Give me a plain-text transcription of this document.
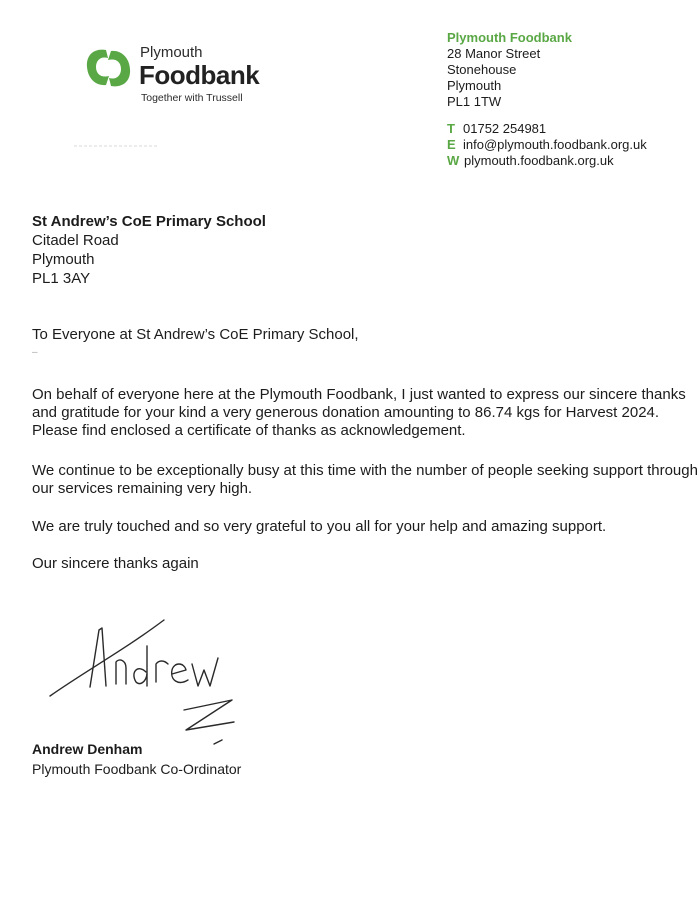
Plymouth
Foodbank
Together with Trussell
Plymouth Foodbank
28 Manor Street
Stonehouse
Plymouth
PL1 1TW
T 01752 254981
E info@plymouth.foodbank.org.uk
W plymouth.foodbank.org.uk
St Andrew’s CoE Primary School
Citadel Road
Plymouth
PL1 3AY
To Everyone at St Andrew’s CoE Primary School,
–
On behalf of everyone here at the Plymouth Foodbank, I just wanted to express our sincere thanks
and gratitude for your kind a very generous donation amounting to 86.74 kgs for Harvest 2024.
Please find enclosed a certificate of thanks as acknowledgement.
We continue to be exceptionally busy at this time with the number of people seeking support through
our services remaining very high.
We are truly touched and so very grateful to you all for your help and amazing support.
Our sincere thanks again
Andrew Denham
Plymouth Foodbank Co-Ordinator
